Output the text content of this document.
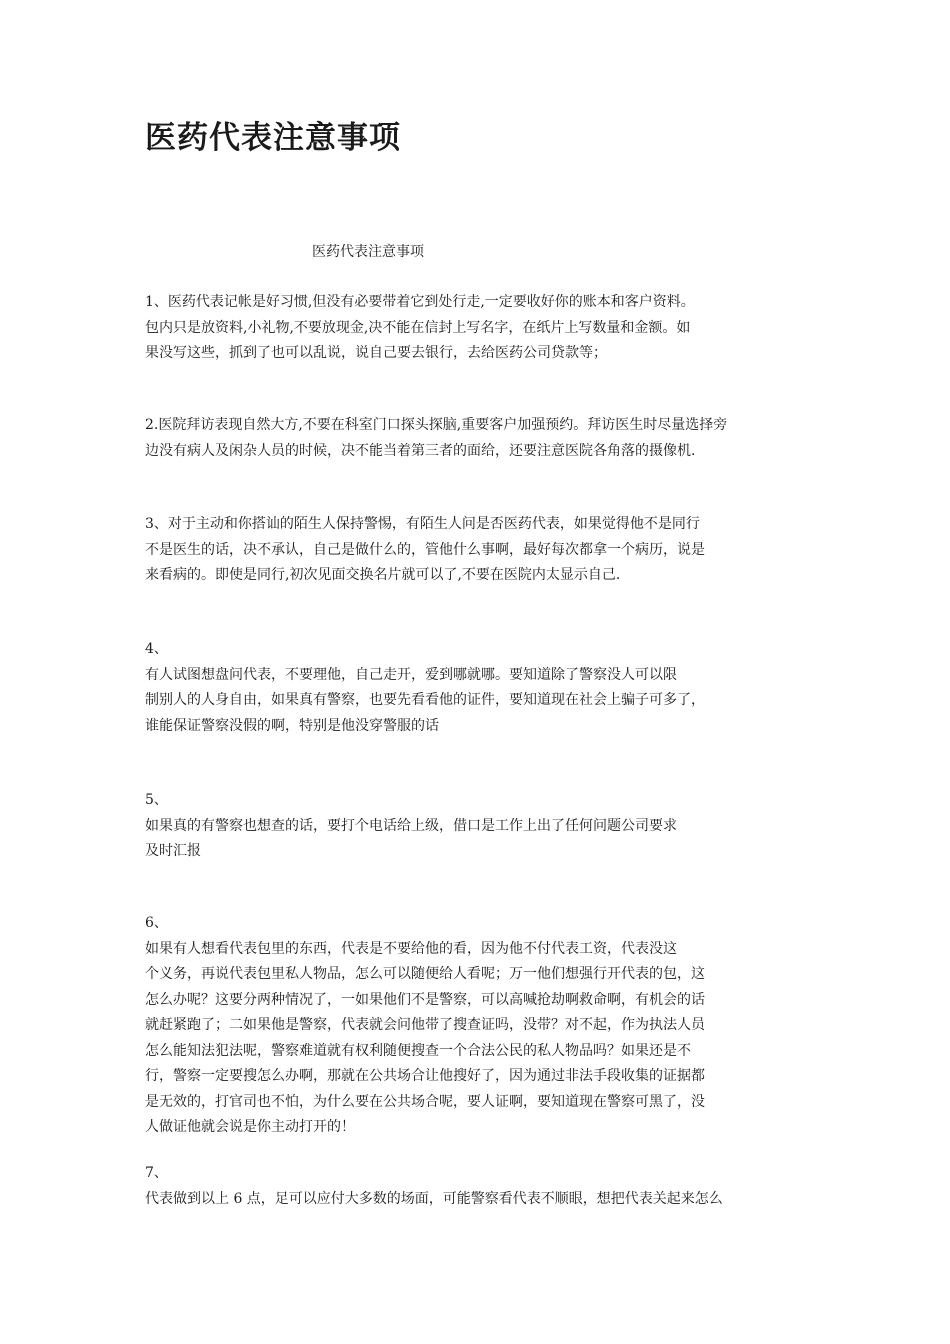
医药代表注意事项
医药代表注意事项
1、医药代表记帐是好习惯,但没有必要带着它到处行走,一定要收好你的账本和客户资料。
包内只是放资料,小礼物,不要放现金,决不能在信封上写名字，在纸片上写数量和金额。如
果没写这些，抓到了也可以乱说，说自己要去银行，去给医药公司贷款等；
2.医院拜访表现自然大方,不要在科室门口探头探脑,重要客户加强预约。拜访医生时尽量选择旁
边没有病人及闲杂人员的时候，决不能当着第三者的面给，还要注意医院各角落的摄像机.
3、对于主动和你搭讪的陌生人保持警惕，有陌生人问是否医药代表，如果觉得他不是同行
不是医生的话，决不承认，自己是做什么的，管他什么事啊，最好每次都拿一个病历，说是
来看病的。即使是同行,初次见面交换名片就可以了,不要在医院内太显示自己.
4、
有人试图想盘问代表，不要理他，自己走开，爱到哪就哪。要知道除了警察没人可以限
制别人的人身自由，如果真有警察，也要先看看他的证件，要知道现在社会上骗子可多了，
谁能保证警察没假的啊，特别是他没穿警服的话
5、
如果真的有警察也想查的话，要打个电话给上级，借口是工作上出了任何问题公司要求
及时汇报
6、
如果有人想看代表包里的东西，代表是不要给他的看，因为他不付代表工资，代表没这
个义务，再说代表包里私人物品，怎么可以随便给人看呢；万一他们想强行开代表的包，这
怎么办呢？这要分两种情况了，一如果他们不是警察，可以高喊抢劫啊救命啊，有机会的话
就赶紧跑了；二如果他是警察，代表就会问他带了搜查证吗，没带？对不起，作为执法人员
怎么能知法犯法呢，警察难道就有权利随便搜查一个合法公民的私人物品吗？如果还是不
行，警察一定要搜怎么办啊，那就在公共场合让他搜好了，因为通过非法手段收集的证据都
是无效的，打官司也不怕，为什么要在公共场合呢，要人证啊，要知道现在警察可黑了，没
人做证他就会说是你主动打开的！
7、
代表做到以上 6 点，足可以应付大多数的场面，可能警察看代表不顺眼，想把代表关起来怎么
